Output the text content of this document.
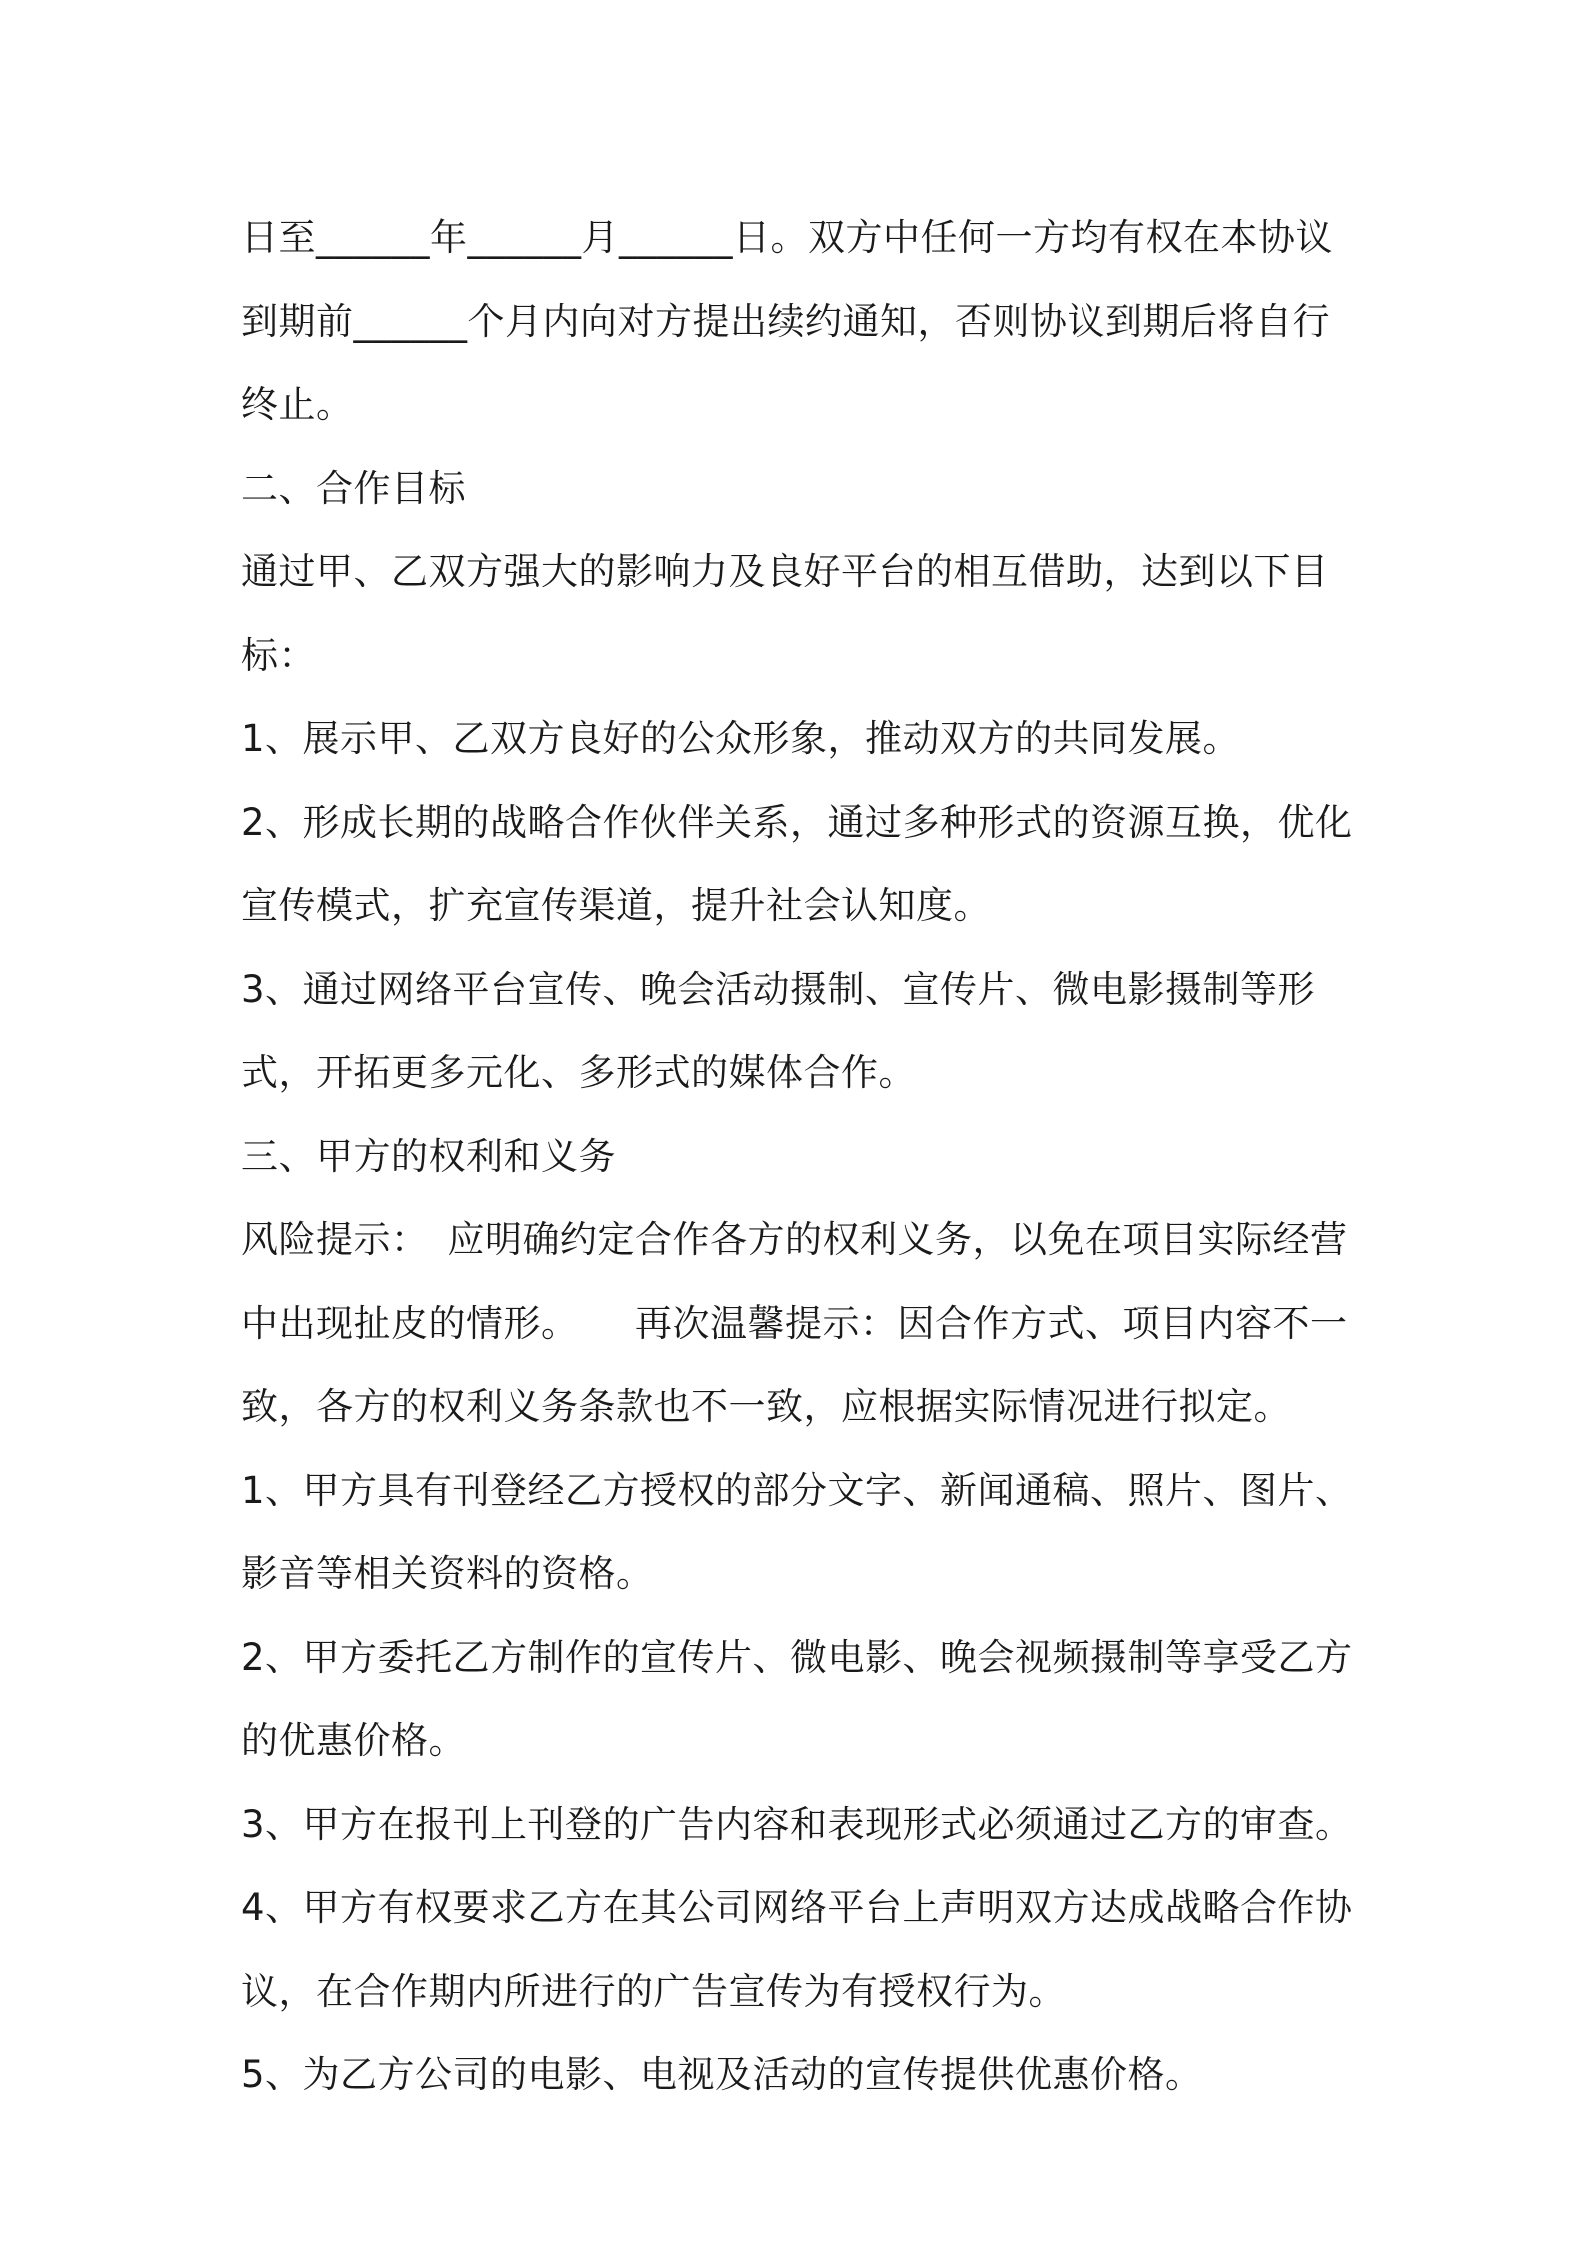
日至______年______月______日。双方中任何一方均有权在本协议到期前______个月内向对方提出续约通知，否则协议到期后将自行终止。

二、合作目标

通过甲、乙双方强大的影响力及良好平台的相互借助，达到以下目标：

1、展示甲、乙双方良好的公众形象，推动双方的共同发展。

2、形成长期的战略合作伙伴关系，通过多种形式的资源互换，优化宣传模式，扩充宣传渠道，提升社会认知度。

3、通过网络平台宣传、晚会活动摄制、宣传片、微电影摄制等形式，开拓更多元化、多形式的媒体合作。

三、甲方的权利和义务

风险提示：　应明确约定合作各方的权利义务，以免在项目实际经营中出现扯皮的情形。　　再次温馨提示：因合作方式、项目内容不一致，各方的权利义务条款也不一致，应根据实际情况进行拟定。 1、甲方具有刊登经乙方授权的部分文字、新闻通稿、照片、图片、影音等相关资料的资格。

2、甲方委托乙方制作的宣传片、微电影、晚会视频摄制等享受乙方的优惠价格。

3、甲方在报刊上刊登的广告内容和表现形式必须通过乙方的审查。

4、甲方有权要求乙方在其公司网络平台上声明双方达成战略合作协议，在合作期内所进行的广告宣传为有授权行为。

5、为乙方公司的电影、电视及活动的宣传提供优惠价格。
